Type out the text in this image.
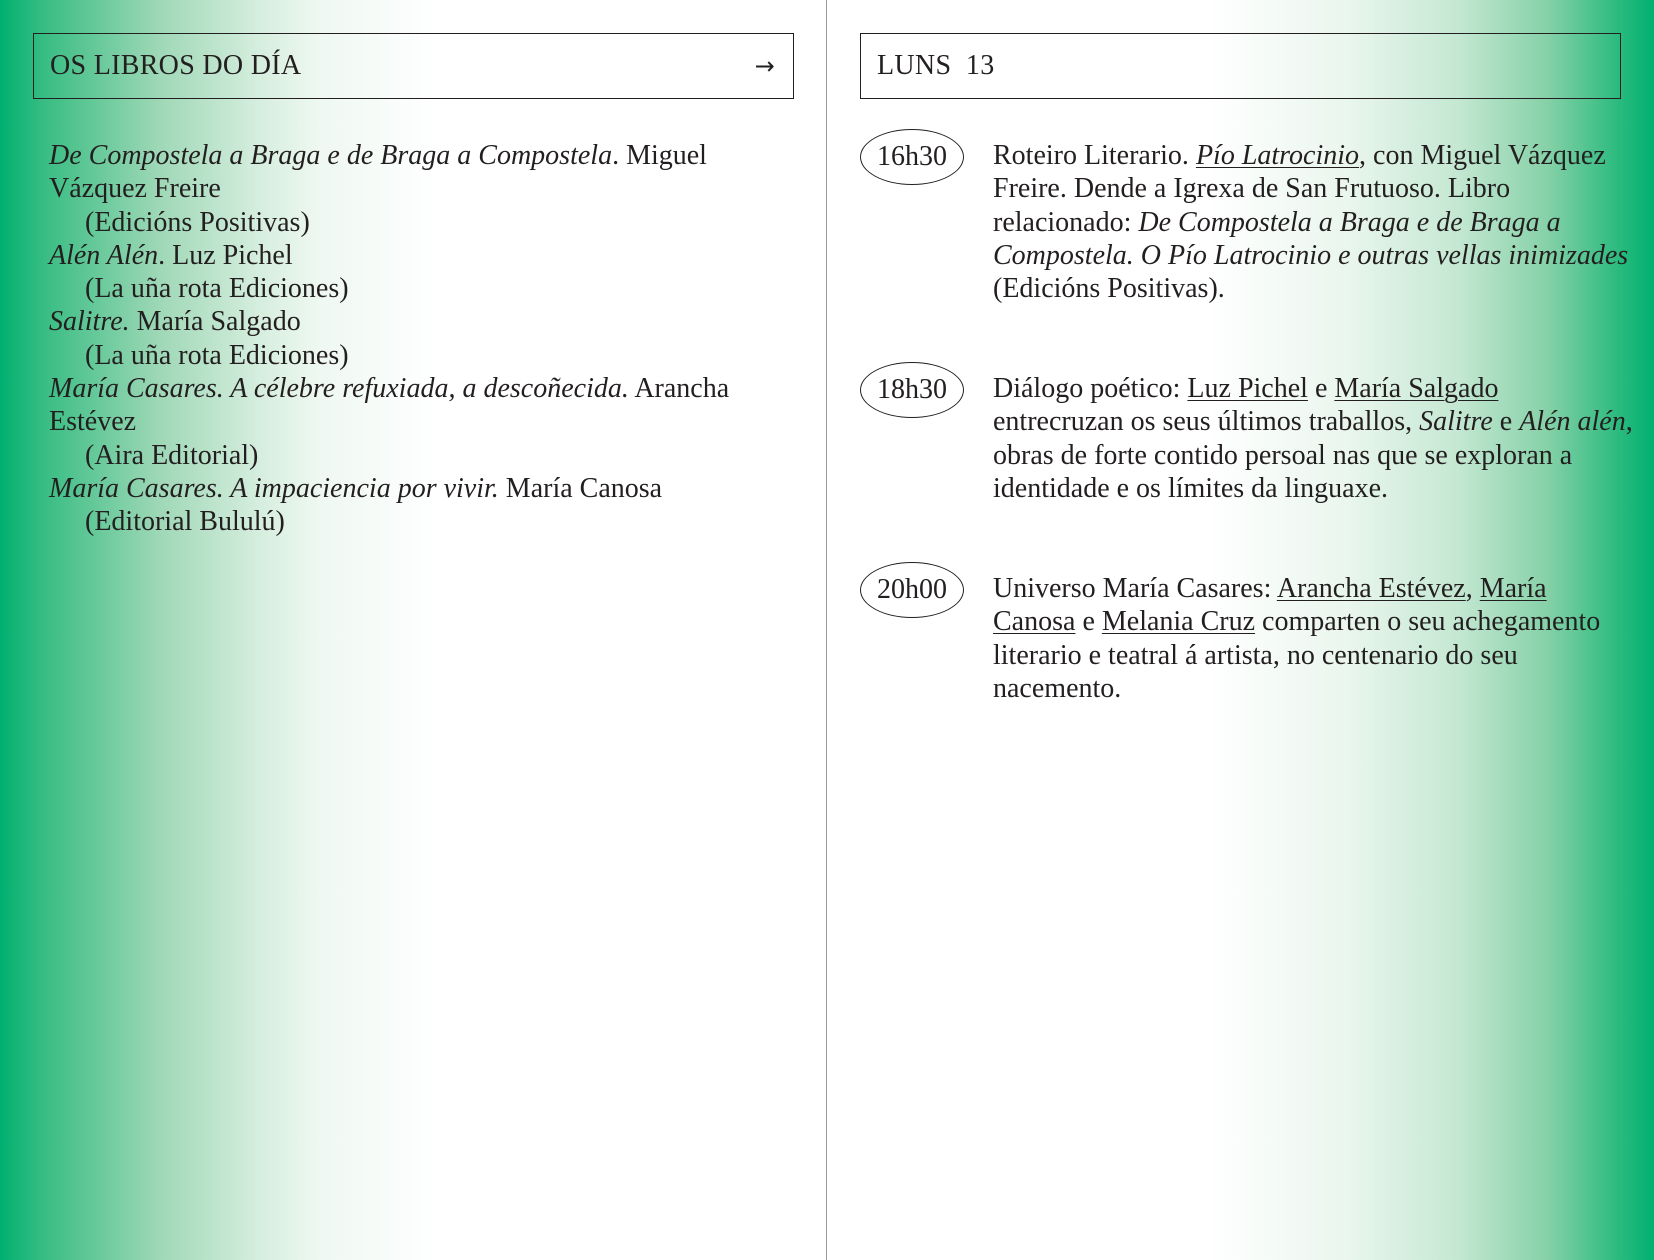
OS LIBROS DO DÍA	→
De Compostela a Braga e de Braga a Compostela. Miguel Vázquez Freire
(Edicións Positivas)
Alén Alén. Luz Pichel
(La uña rota Ediciones)
Salitre. María Salgado
(La uña rota Ediciones)
María Casares. A célebre refuxiada, a descoñecida. Arancha Estévez
(Aira Editorial)
María Casares. A impaciencia por vivir. María Canosa
(Editorial Bululú)
LUNS  13
16h30	Roteiro Literario. Pío Latrocinio, con Miguel Vázquez Freire. Dende a Igrexa de San Frutuoso. Libro relacionado: De Compostela a Braga e de Braga a Compostela. O Pío Latrocinio e outras vellas inimizades (Edicións Positivas).
18h30	Diálogo poético: Luz Pichel e María Salgado entrecruzan os seus últimos traballos, Salitre e Alén alén, obras de forte contido persoal nas que se exploran a identidade e os límites da linguaxe.
20h00	Universo María Casares: Arancha Estévez, María Canosa e Melania Cruz comparten o seu achegamento literario e teatral á artista, no centenario do seu nacemento.
